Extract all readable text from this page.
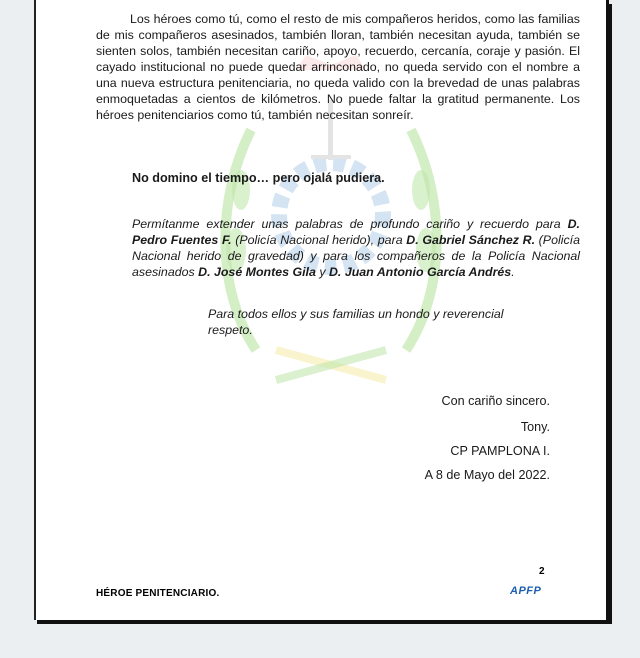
Los héroes como tú, como el resto de mis compañeros heridos, como las familias de mis compañeros asesinados, también lloran, también necesitan ayuda, también se sienten solos, también necesitan cariño, apoyo, recuerdo, cercanía, coraje y pasión. El cayado institucional no puede quedar arrinconado, no queda servido con el nombre a una nueva estructura penitenciaria, no queda valido con la brevedad de unas palabras enmoquetadas a cientos de kilómetros. No puede faltar la gratitud permanente. Los héroes penitenciarios como tú, también necesitan sonreír.
No domino el tiempo… pero ojalá pudiera.
Permítanme extender unas palabras de profundo cariño y recuerdo para D. Pedro Fuentes F. (Policía Nacional herido), para D. Gabriel Sánchez R. (Policía Nacional herido de gravedad) y para los compañeros de la Policía Nacional asesinados D. José Montes Gila y D. Juan Antonio García Andrés.
Para todos ellos y sus familias un hondo y reverencial respeto.
Con cariño sincero.
Tony.
CP PAMPLONA I.
A 8 de Mayo del 2022.
2
HÉROE PENITENCIARIO.	APFP
